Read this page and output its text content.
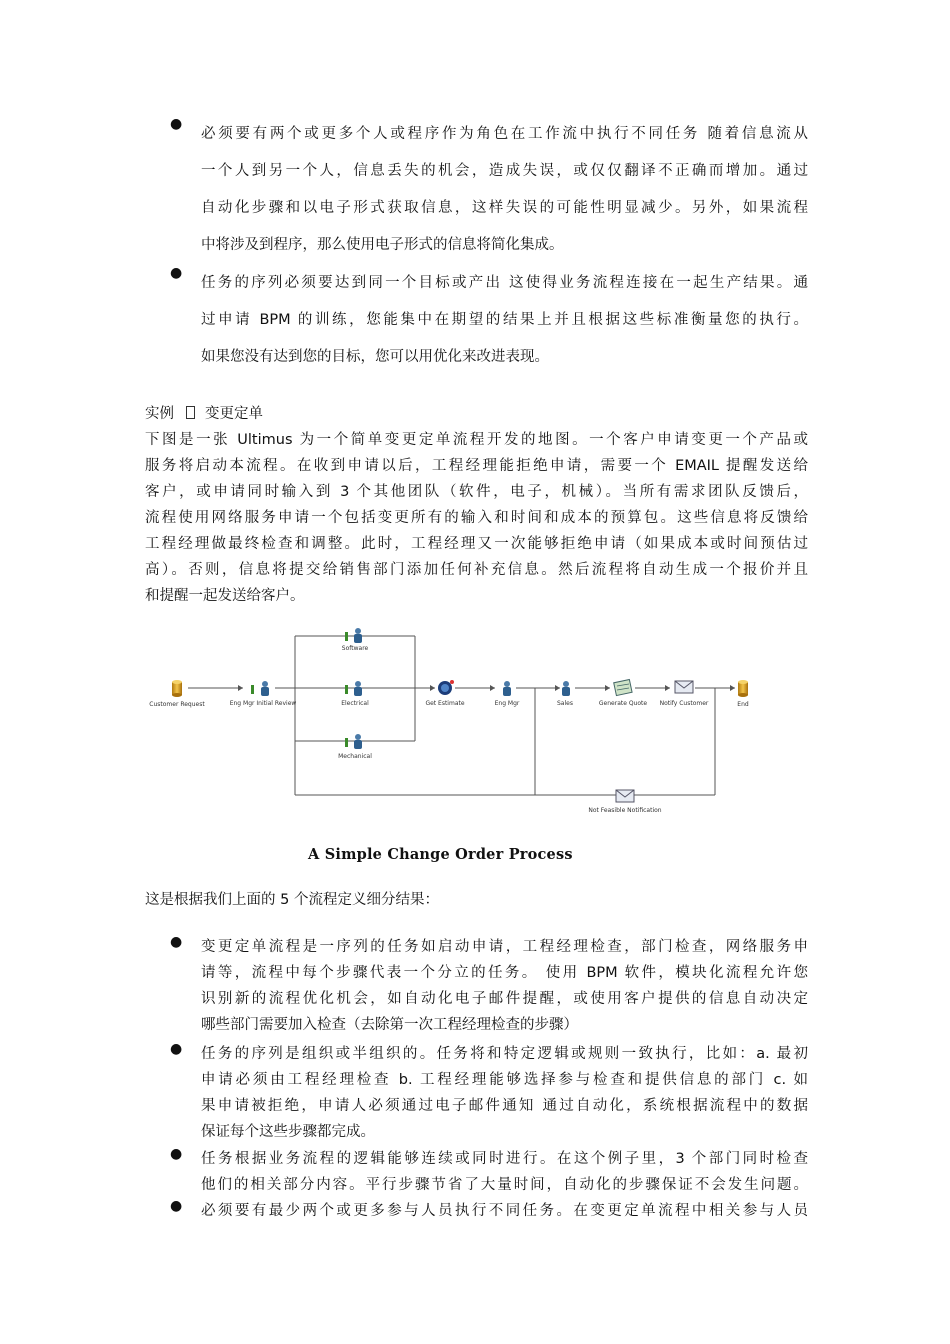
●
必须要有两个或更多个人或程序作为角色在工作流中执行不同任务 随着信息流从
一个人到另一个人，信息丢失的机会，造成失误，或仅仅翻译不正确而增加。通过
自动化步骤和以电子形式获取信息，这样失误的可能性明显减少。另外，如果流程
中将涉及到程序，那么使用电子形式的信息将简化集成。
●
任务的序列必须要达到同一个目标或产出 这使得业务流程连接在一起生产结果。通
过申请 BPM 的训练，您能集中在期望的结果上并且根据这些标准衡量您的执行。
如果您没有达到您的目标，您可以用优化来改进表现。
实例 变更定单
下图是一张 Ultimus 为一个简单变更定单流程开发的地图。一个客户申请变更一个产品或
服务将启动本流程。在收到申请以后，工程经理能拒绝申请，需要一个 EMAIL 提醒发送给
客户，或申请同时输入到 3 个其他团队（软件，电子，机械）。当所有需求团队反馈后，
流程使用网络服务申请一个包括变更所有的输入和时间和成本的预算包。这些信息将反馈给
工程经理做最终检查和调整。此时，工程经理又一次能够拒绝申请（如果成本或时间预估过
高）。否则，信息将提交给销售部门添加任何补充信息。然后流程将自动生成一个报价并且
和提醒一起发送给客户。
Customer Request	Eng Mgr Initial Review
Software
Electrical
Mechanical
Get Estimate	Eng Mgr	Sales	Generate Quote Notify Customer	End
Not Feasible Notification
A Simple Change Order Process
这是根据我们上面的 5 个流程定义细分结果：
● 变更定单流程是一序列的任务如启动申请，工程经理检查，部门检查，网络服务申
请等，流程中每个步骤代表一个分立的任务。 使用 BPM 软件，模块化流程允许您
识别新的流程优化机会，如自动化电子邮件提醒，或使用客户提供的信息自动决定
哪些部门需要加入检查（去除第一次工程经理检查的步骤）
● 任务的序列是组织或半组织的。任务将和特定逻辑或规则一致执行，比如：a. 最初
申请必须由工程经理检查 b. 工程经理能够选择参与检查和提供信息的部门 c. 如
果申请被拒绝，申请人必须通过电子邮件通知 通过自动化，系统根据流程中的数据
保证每个这些步骤都完成。
● 任务根据业务流程的逻辑能够连续或同时进行。在这个例子里，3 个部门同时检查
他们的相关部分内容。平行步骤节省了大量时间，自动化的步骤保证不会发生问题。
● 必须要有最少两个或更多参与人员执行不同任务。在变更定单流程中相关参与人员
